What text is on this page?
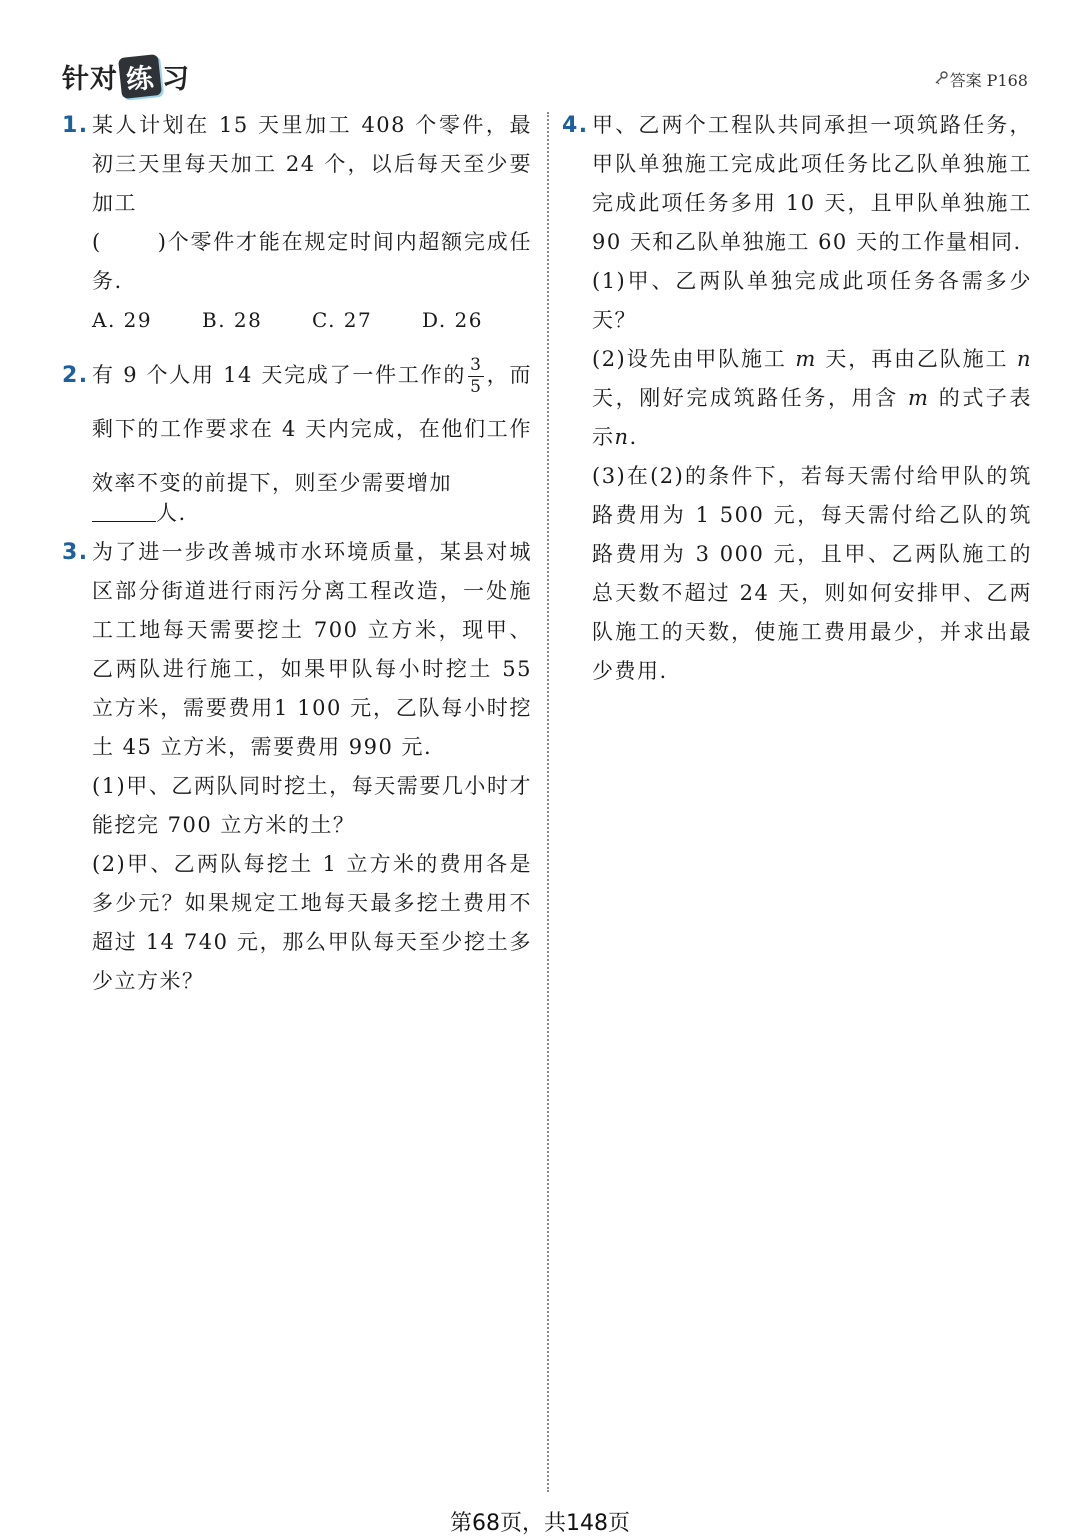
针对 练 习	答案 P168
1. 某人计划在 15 天里加工 408 个零件，最初三天里每天加工 24 个，以后每天至少要加工
(	)个零件才能在规定时间内超额完成任务.

A. 29	B. 28	C. 27	D. 26
2. 有 9 个人用 14 天完成了一件工作的 $\frac{3}{5}$ ，而剩下的工作要求在 4 天内完成，在他们工作效率不变的前提下，则至少需要增加

人.

3. 为了进一步改善城市水环境质量，某县对城区部分街道进行雨污分离工程改造，一处施工工地每天需要挖土 700 立方米，现甲、乙两队进行施工，如果甲队每小时挖土 55 立方米，需要费用1 100 元，乙队每小时挖土 45 立方米，需要费用 990 元.

(1)甲、乙两队同时挖土，每天需要几小时才能挖完 700 立方米的土？

(2)甲、乙两队每挖土 1 立方米的费用各是多少元？如果规定工地每天最多挖土费用不超过 14 740 元，那么甲队每天至少挖土多少立方米？

4. 甲、乙两个工程队共同承担一项筑路任务，甲队单独施工完成此项任务比乙队单独施工完成此项任务多用 10 天，且甲队单独施工 90 天和乙队单独施工 60 天的工作量相同.

(1)甲、乙两队单独完成此项任务各需多少天？

(2)设先由甲队施工 m 天，再由乙队施工 n 天，刚好完成筑路任务，用含 m 的式子表示n.

(3)在(2)的条件下，若每天需付给甲队的筑路费用为 1 500 元，每天需付给乙队的筑路费用为 3 000 元，且甲、乙两队施工的总天数不超过 24 天，则如何安排甲、乙两队施工的天数，使施工费用最少，并求出最少费用.

第68页，共148页
